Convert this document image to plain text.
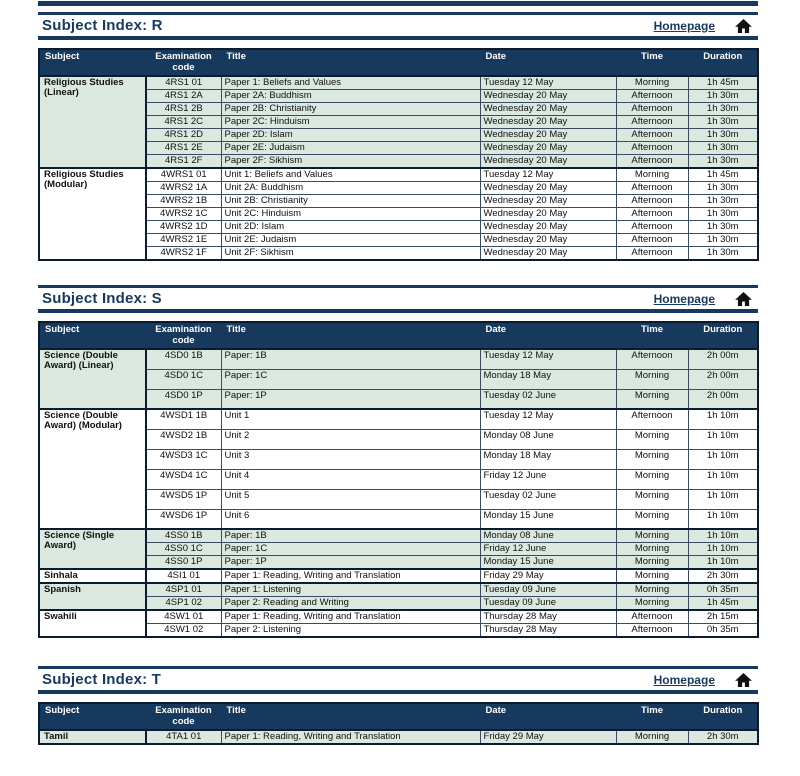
Subject Index: R	Homepage
Subject	Examination code	Title	Date	Time	Duration
Religious Studies (Linear)	4RS1 01	Paper 1: Beliefs and Values	Tuesday 12 May	Morning	1h 45m
	4RS1 2A	Paper 2A: Buddhism	Wednesday 20 May	Afternoon	1h 30m
	4RS1 2B	Paper 2B: Christianity	Wednesday 20 May	Afternoon	1h 30m
	4RS1 2C	Paper 2C: Hinduism	Wednesday 20 May	Afternoon	1h 30m
	4RS1 2D	Paper 2D: Islam	Wednesday 20 May	Afternoon	1h 30m
	4RS1 2E	Paper 2E: Judaism	Wednesday 20 May	Afternoon	1h 30m
	4RS1 2F	Paper 2F: Sikhism	Wednesday 20 May	Afternoon	1h 30m
Religious Studies (Modular)	4WRS1 01	Unit 1: Beliefs and Values	Tuesday 12 May	Morning	1h 45m
	4WRS2 1A	Unit 2A: Buddhism	Wednesday 20 May	Afternoon	1h 30m
	4WRS2 1B	Unit 2B: Christianity	Wednesday 20 May	Afternoon	1h 30m
	4WRS2 1C	Unit 2C: Hinduism	Wednesday 20 May	Afternoon	1h 30m
	4WRS2 1D	Unit 2D: Islam	Wednesday 20 May	Afternoon	1h 30m
	4WRS2 1E	Unit 2E: Judaism	Wednesday 20 May	Afternoon	1h 30m
	4WRS2 1F	Unit 2F: Sikhism	Wednesday 20 May	Afternoon	1h 30m
Subject Index: S	Homepage
Subject	Examination code	Title	Date	Time	Duration
Science (Double Award) (Linear)	4SD0 1B	Paper: 1B	Tuesday 12 May	Afternoon	2h 00m
	4SD0 1C	Paper: 1C	Monday 18 May	Morning	2h 00m
	4SD0 1P	Paper: 1P	Tuesday 02 June	Morning	2h 00m
Science (Double Award) (Modular)	4WSD1 1B	Unit 1	Tuesday 12 May	Afternoon	1h 10m
	4WSD2 1B	Unit 2	Monday 08 June	Morning	1h 10m
	4WSD3 1C	Unit 3	Monday 18 May	Morning	1h 10m
	4WSD4 1C	Unit 4	Friday 12 June	Morning	1h 10m
	4WSD5 1P	Unit 5	Tuesday 02 June	Morning	1h 10m
	4WSD6 1P	Unit 6	Monday 15 June	Morning	1h 10m
Science (Single Award)	4SS0 1B	Paper: 1B	Monday 08 June	Morning	1h 10m
	4SS0 1C	Paper: 1C	Friday 12 June	Morning	1h 10m
	4SS0 1P	Paper: 1P	Monday 15 June	Morning	1h 10m
Sinhala	4SI1 01	Paper 1: Reading, Writing and Translation	Friday 29 May	Morning	2h 30m
Spanish	4SP1 01	Paper 1: Listening	Tuesday 09 June	Morning	0h 35m
	4SP1 02	Paper 2: Reading and Writing	Tuesday 09 June	Morning	1h 45m
Swahili	4SW1 01	Paper 1: Reading, Writing and Translation	Thursday 28 May	Afternoon	2h 15m
	4SW1 02	Paper 2: Listening	Thursday 28 May	Afternoon	0h 35m
Subject Index: T	Homepage
Subject	Examination code	Title	Date	Time	Duration
Tamil	4TA1 01	Paper 1: Reading, Writing and Translation	Friday 29 May	Morning	2h 30m
